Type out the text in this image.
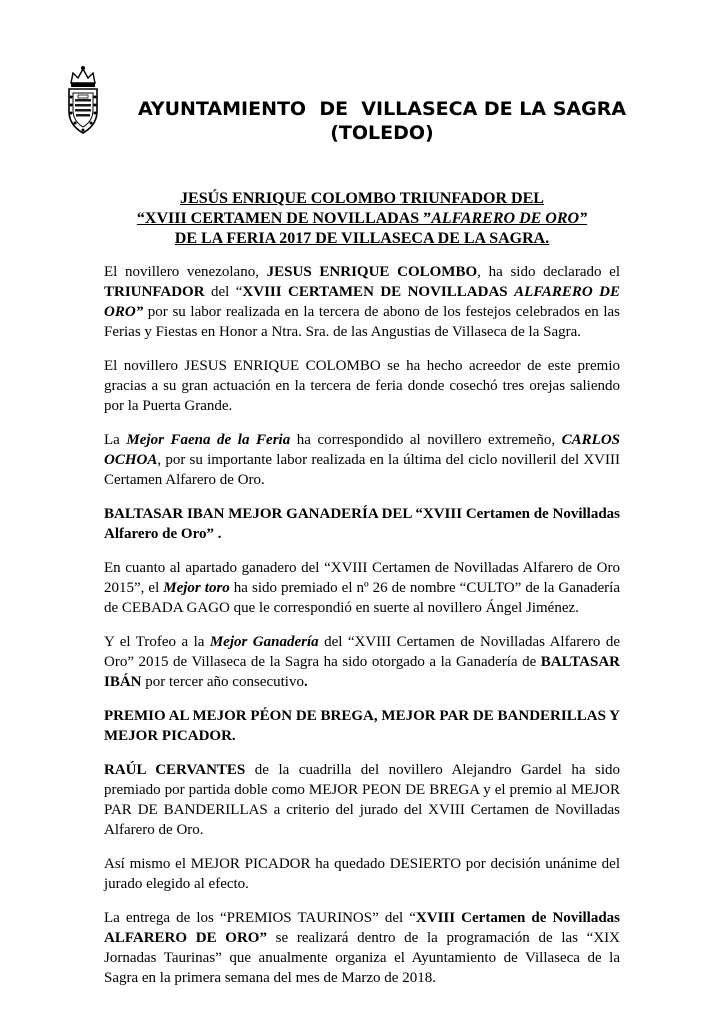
AYUNTAMIENTO  DE  VILLASECA DE LA SAGRA
(TOLEDO)
JESÚS ENRIQUE COLOMBO TRIUNFADOR DEL
“XVIII CERTAMEN DE NOVILLADAS ”ALFARERO DE ORO”
DE LA FERIA 2017 DE VILLASECA DE LA SAGRA.

El novillero venezolano, JESUS ENRIQUE COLOMBO, ha sido declarado el TRIUNFADOR del “XVIII CERTAMEN DE NOVILLADAS ALFARERO DE ORO” por su labor realizada en la tercera de abono de los festejos celebrados en las Ferias y Fiestas en Honor a Ntra. Sra. de las Angustias de Villaseca de la Sagra.

El novillero JESUS ENRIQUE COLOMBO se ha hecho acreedor de este premio gracias a su gran actuación en la tercera de feria donde cosechó tres orejas saliendo por la Puerta Grande.

La Mejor Faena de la Feria ha correspondido al novillero extremeño, CARLOS OCHOA, por su importante labor realizada en la última del ciclo novilleril del XVIII Certamen Alfarero de Oro.

BALTASAR IBAN MEJOR GANADERÍA DEL “XVIII Certamen de Novilladas Alfarero de Oro” .

En cuanto al apartado ganadero del “XVIII Certamen de Novilladas Alfarero de Oro 2015”, el Mejor toro ha sido premiado el nº 26 de nombre “CULTO” de la Ganadería de CEBADA GAGO que le correspondió en suerte al novillero Ángel Jiménez.

Y el Trofeo a la Mejor Ganadería del “XVIII Certamen de Novilladas Alfarero de Oro” 2015 de Villaseca de la Sagra ha sido otorgado a la Ganadería de BALTASAR IBÁN por tercer año consecutivo.

PREMIO AL MEJOR PÉON DE BREGA, MEJOR PAR DE BANDERILLAS Y MEJOR PICADOR.

RAÚL CERVANTES de la cuadrilla del novillero Alejandro Gardel ha sido premiado por partida doble como MEJOR PEON DE BREGA y el premio al MEJOR PAR DE BANDERILLAS a criterio del jurado del XVIII Certamen de Novilladas Alfarero de Oro.

Así mismo el MEJOR PICADOR ha quedado DESIERTO por decisión unánime del jurado elegido al efecto.

La entrega de los “PREMIOS TAURINOS” del “XVIII Certamen de Novilladas ALFARERO DE ORO” se realizará dentro de la programación de las “XIX Jornadas Taurinas” que anualmente organiza el Ayuntamiento de Villaseca de la Sagra en la primera semana del mes de Marzo de 2018.
